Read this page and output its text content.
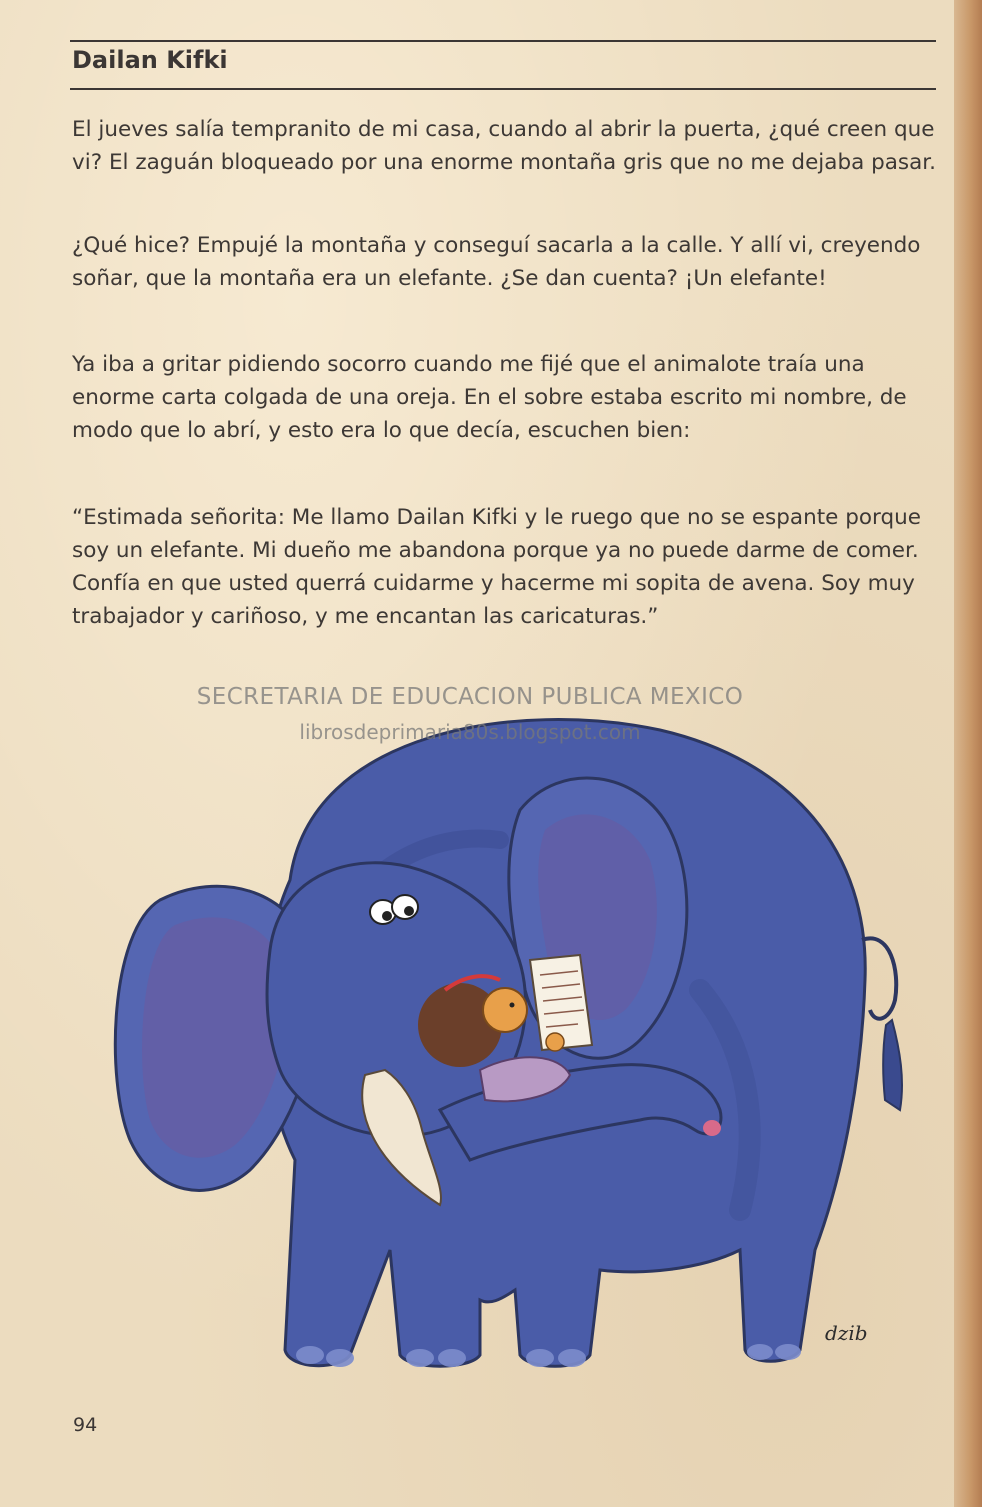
Dailan Kifki

El jueves salía tempranito de mi casa, cuando al abrir la puerta, ¿qué creen que vi? El zaguán bloqueado por una enorme montaña gris que no me dejaba pasar.

¿Qué hice? Empujé la montaña y conseguí sacarla a la calle. Y allí vi, creyendo soñar, que la montaña era un elefante. ¿Se dan cuenta? ¡Un elefante!

Ya iba a gritar pidiendo socorro cuando me fijé que el animalote traía una enorme carta colgada de una oreja. En el sobre estaba escrito mi nombre, de modo que lo abrí, y esto era lo que decía, escuchen bien:

“Estimada señorita: Me llamo Dailan Kifki y le ruego que no se espante porque soy un elefante. Mi dueño me abandona porque ya no puede darme de comer. Confía en que usted querrá cuidarme y hacerme mi sopita de avena. Soy muy trabajador y cariñoso, y me encantan las caricaturas.”

dzib
SECRETARIA DE EDUCACION PUBLICA MEXICO
librosdeprimaria80s.blogspot.com
94
